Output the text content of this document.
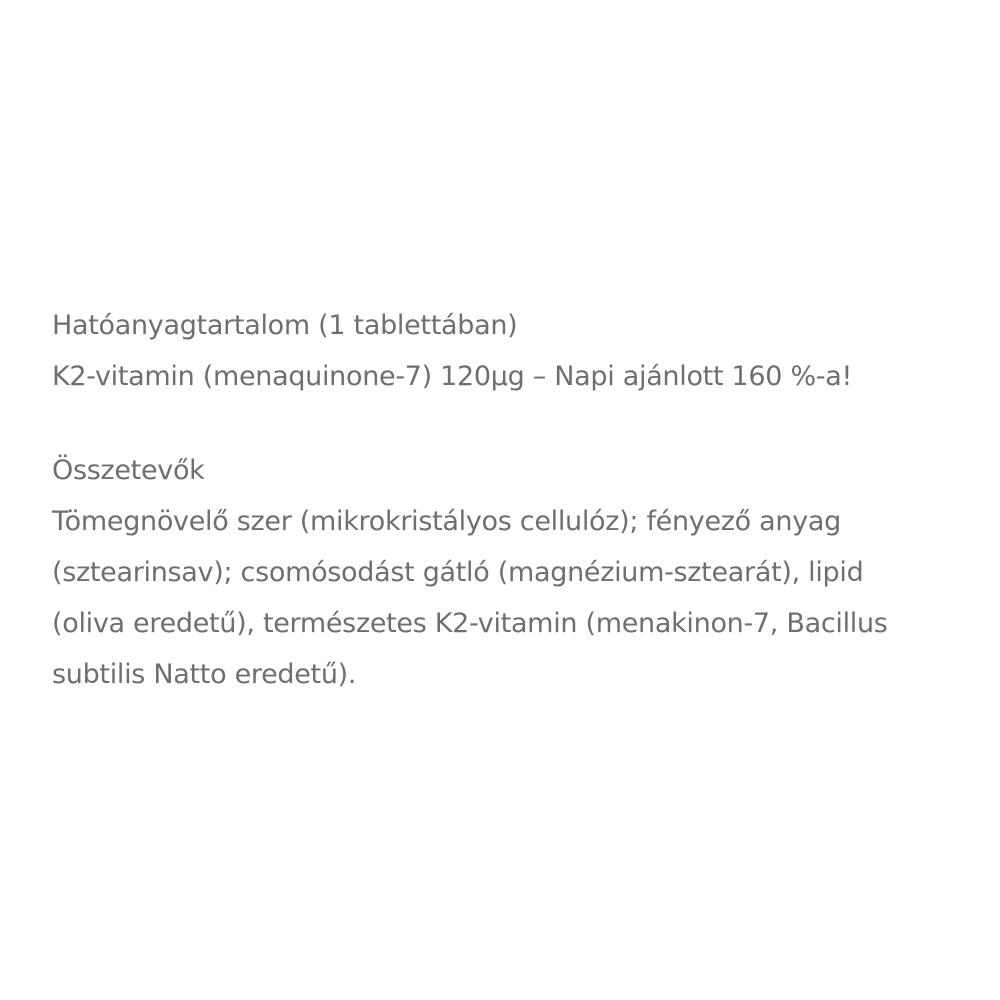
Hatóanyagtartalom (1 tablettában)
K2-vitamin (menaquinone-7) 120µg – Napi ajánlott 160 %-a!
Összetevők
Tömegnövelő szer (mikrokristályos cellulóz); fényező anyag
(sztearinsav); csomósodást gátló (magnézium-sztearát), lipid
(oliva eredetű), természetes K2-vitamin (menakinon-7, Bacillus
subtilis Natto eredetű).
